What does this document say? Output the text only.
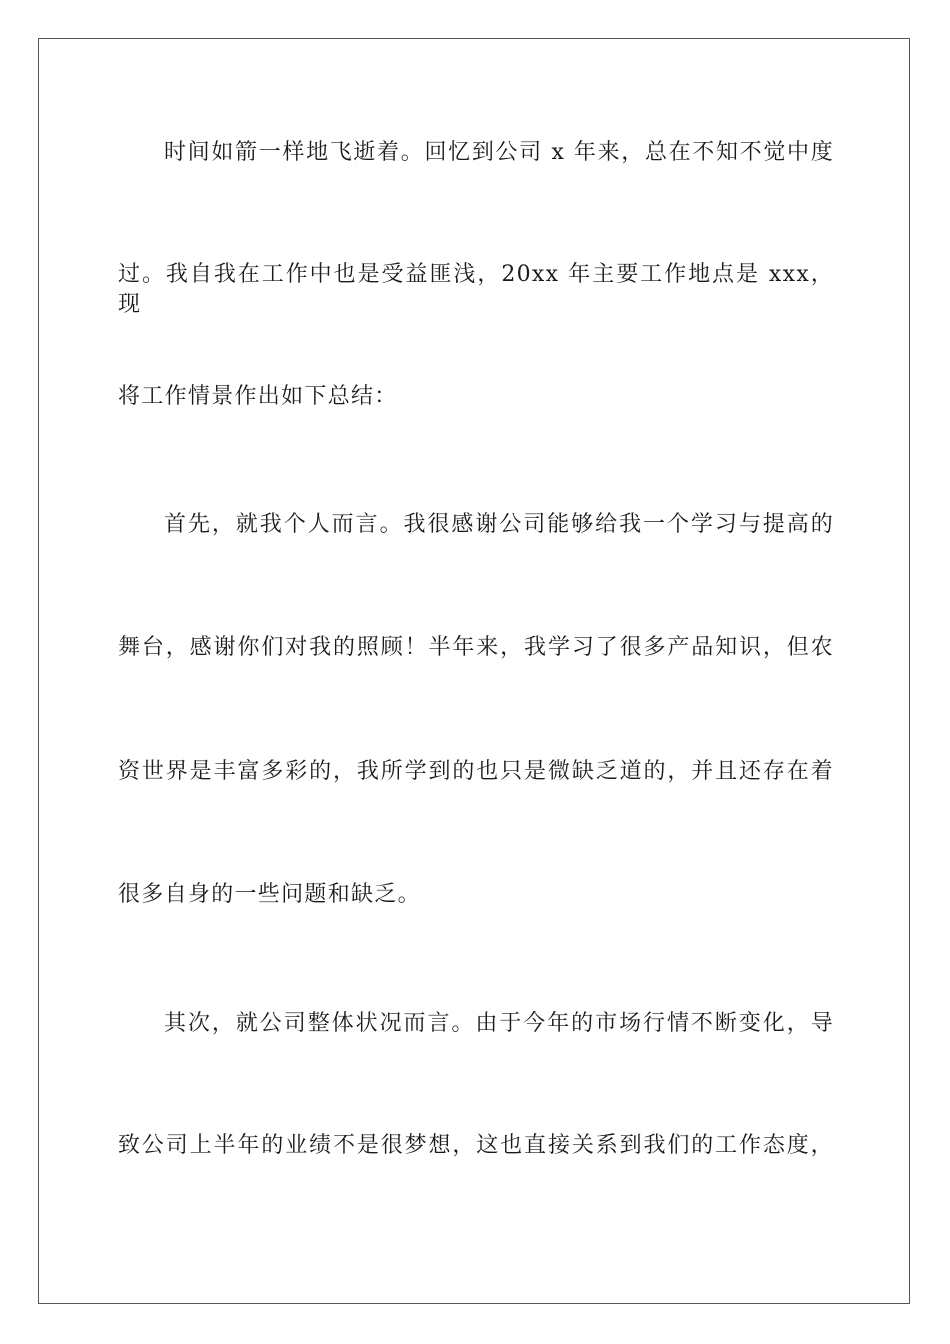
时间如箭一样地飞逝着。回忆到公司 x 年来，总在不知不觉中度
过。我自我在工作中也是受益匪浅，20xx 年主要工作地点是 xxx，现
将工作情景作出如下总结：
首先，就我个人而言。我很感谢公司能够给我一个学习与提高的
舞台，感谢你们对我的照顾！半年来，我学习了很多产品知识，但农
资世界是丰富多彩的，我所学到的也只是微缺乏道的，并且还存在着
很多自身的一些问题和缺乏。
其次，就公司整体状况而言。由于今年的市场行情不断变化，导
致公司上半年的业绩不是很梦想，这也直接关系到我们的工作态度，
